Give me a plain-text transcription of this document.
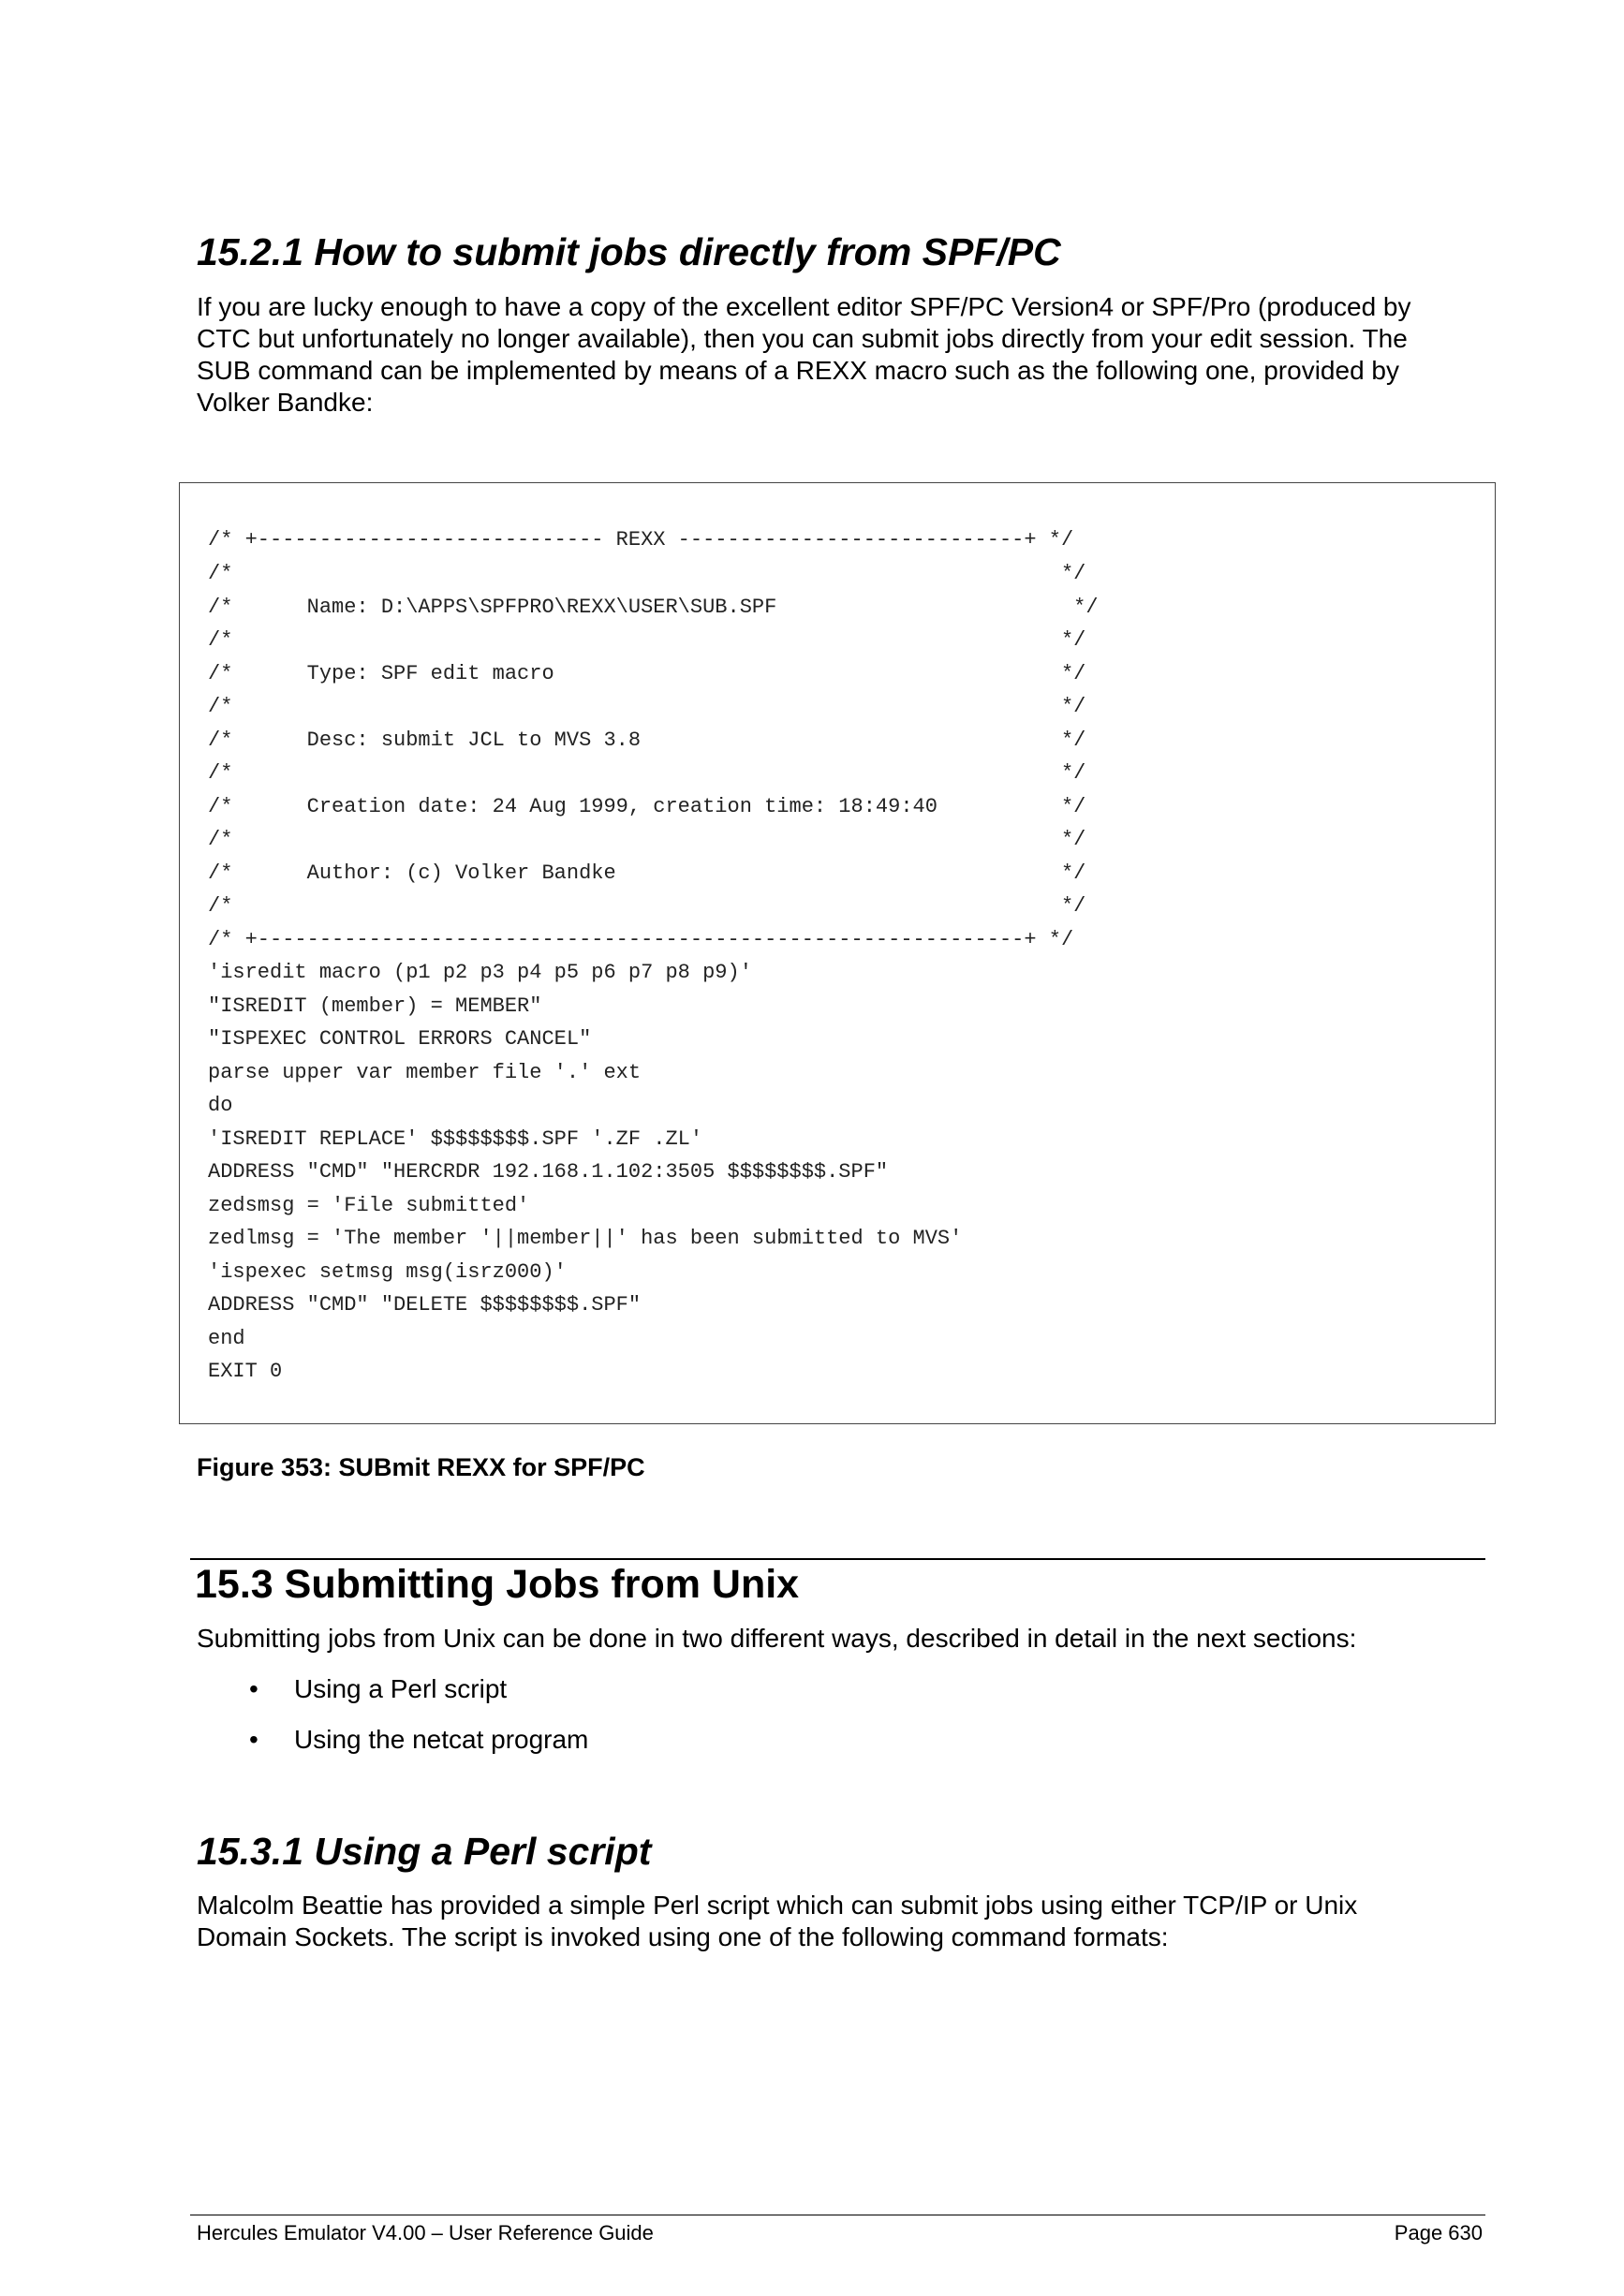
15.2.1 How to submit jobs directly from SPF/PC
If you are lucky enough to have a copy of the excellent editor SPF/PC Version4 or SPF/Pro (produced by
CTC but unfortunately no longer available), then you can submit jobs directly from your edit session. The
SUB command can be implemented by means of a REXX macro such as the following one, provided by
Volker Bandke:
/* +---------------------------- REXX ----------------------------+ */
/*                                                                   */
/*      Name: D:\APPS\SPFPRO\REXX\USER\SUB.SPF                        */
/*                                                                   */
/*      Type: SPF edit macro                                         */
/*                                                                   */
/*      Desc: submit JCL to MVS 3.8                                  */
/*                                                                   */
/*      Creation date: 24 Aug 1999, creation time: 18:49:40          */
/*                                                                   */
/*      Author: (c) Volker Bandke                                    */
/*                                                                   */
/* +--------------------------------------------------------------+ */
'isredit macro (p1 p2 p3 p4 p5 p6 p7 p8 p9)'
"ISREDIT (member) = MEMBER"
"ISPEXEC CONTROL ERRORS CANCEL"
parse upper var member file '.' ext
do
'ISREDIT REPLACE' $$$$$$$$.SPF '.ZF .ZL'
ADDRESS "CMD" "HERCRDR 192.168.1.102:3505 $$$$$$$$.SPF"
zedsmsg = 'File submitted'
zedlmsg = 'The member '||member||' has been submitted to MVS'
'ispexec setmsg msg(isrz000)'
ADDRESS "CMD" "DELETE $$$$$$$$.SPF"
end
EXIT 0
Figure 353: SUBmit REXX for SPF/PC
15.3 Submitting Jobs from Unix
Submitting jobs from Unix can be done in two different ways, described in detail in the next sections:
• Using a Perl script
• Using the netcat program
15.3.1 Using a Perl script
Malcolm Beattie has provided a simple Perl script which can submit jobs using either TCP/IP or Unix
Domain Sockets. The script is invoked using one of the following command formats:
Hercules Emulator V4.00 – User Reference Guide	Page 630
